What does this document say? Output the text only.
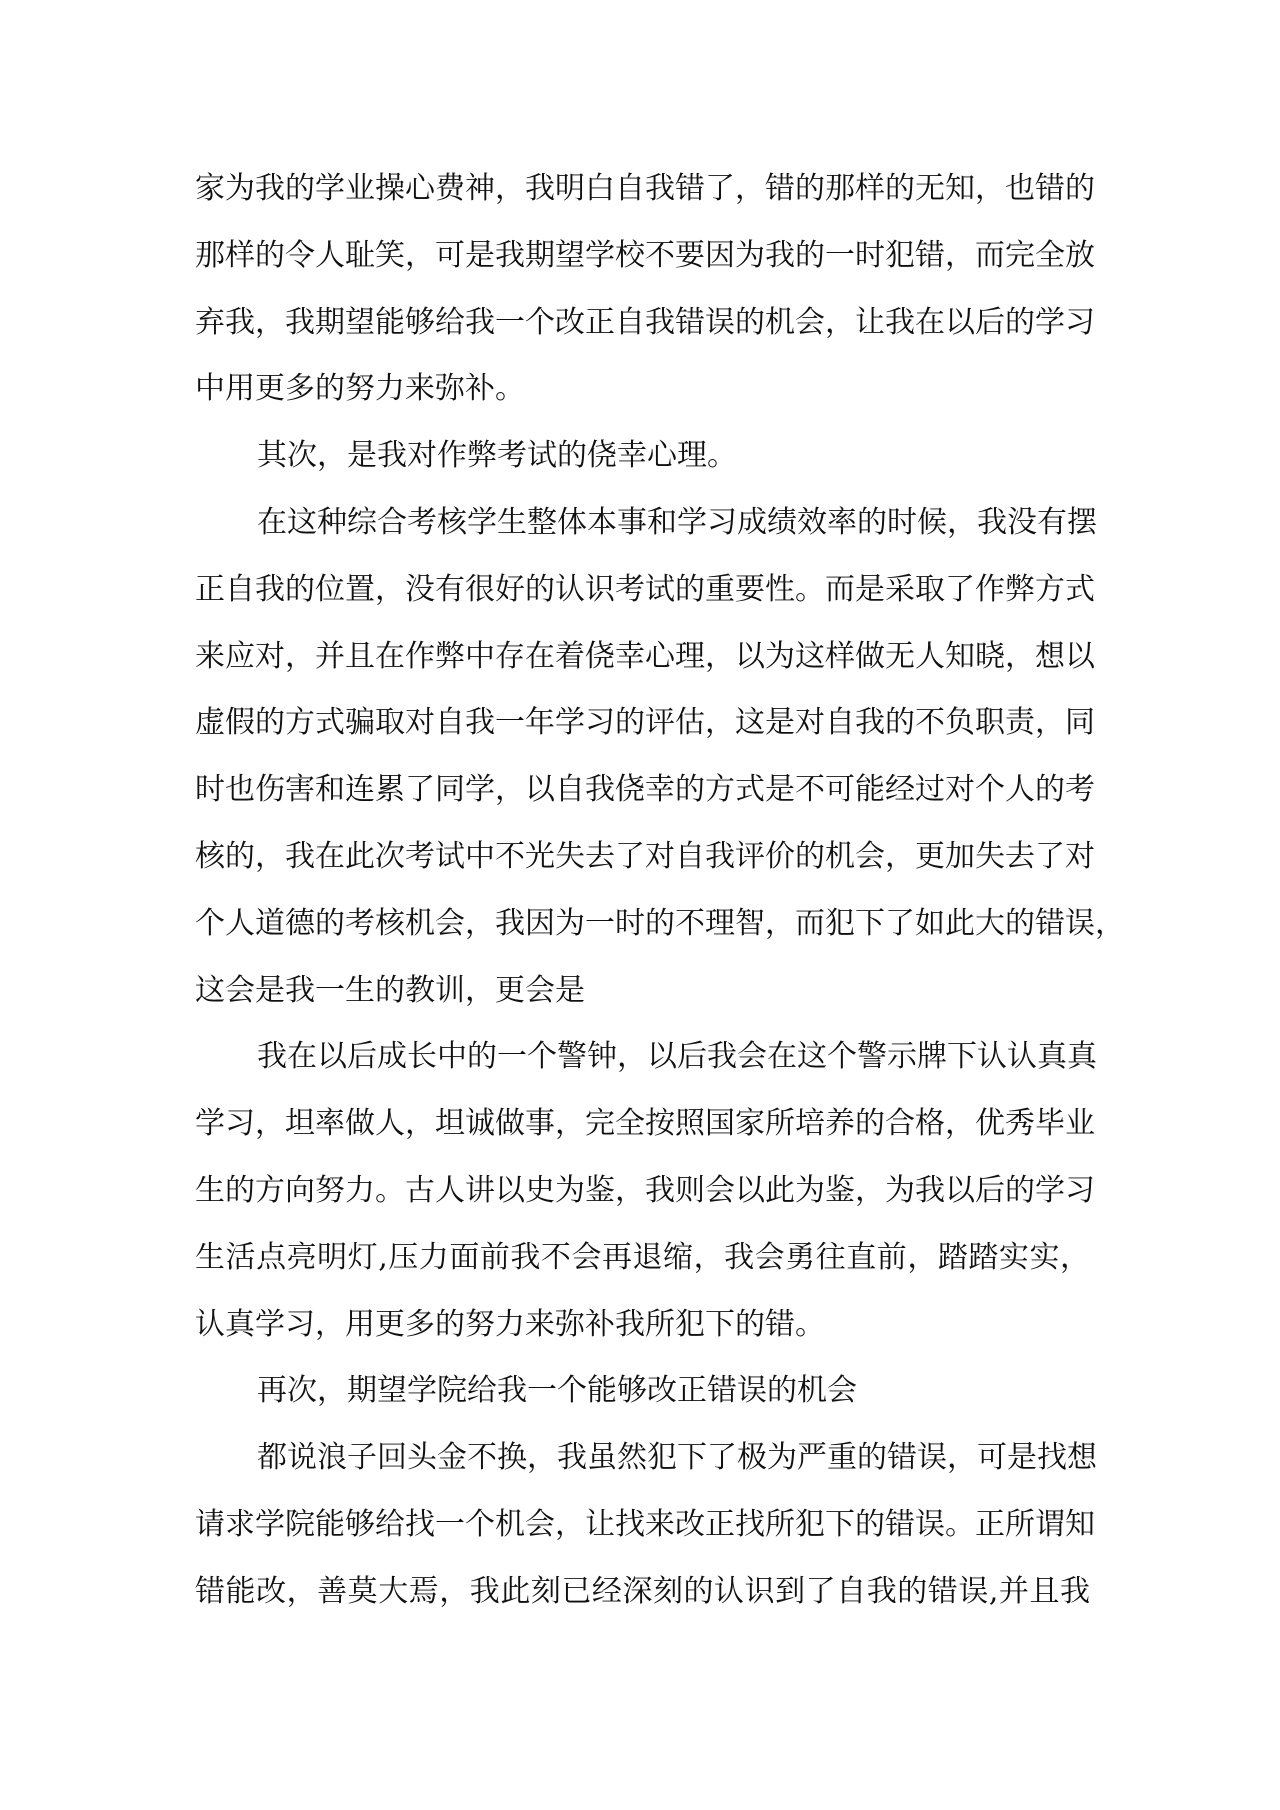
家为我的学业操心费神，我明白自我错了，错的那样的无知，也错的
那样的令人耻笑，可是我期望学校不要因为我的一时犯错，而完全放
弃我，我期望能够给我一个改正自我错误的机会，让我在以后的学习
中用更多的努力来弥补。
其次，是我对作弊考试的侥幸心理。
在这种综合考核学生整体本事和学习成绩效率的时候，我没有摆
正自我的位置，没有很好的认识考试的重要性。而是采取了作弊方式
来应对，并且在作弊中存在着侥幸心理，以为这样做无人知晓，想以
虚假的方式骗取对自我一年学习的评估，这是对自我的不负职责，同
时也伤害和连累了同学，以自我侥幸的方式是不可能经过对个人的考
核的，我在此次考试中不光失去了对自我评价的机会，更加失去了对
个人道德的考核机会，我因为一时的不理智，而犯下了如此大的错误，
这会是我一生的教训，更会是
我在以后成长中的一个警钟，以后我会在这个警示牌下认认真真
学习，坦率做人，坦诚做事，完全按照国家所培养的合格，优秀毕业
生的方向努力。古人讲以史为鉴，我则会以此为鉴，为我以后的学习
生活点亮明灯,压力面前我不会再退缩，我会勇往直前，踏踏实实，
认真学习，用更多的努力来弥补我所犯下的错。
再次，期望学院给我一个能够改正错误的机会
都说浪子回头金不换，我虽然犯下了极为严重的错误，可是找想
请求学院能够给找一个机会，让找来改正找所犯下的错误。正所谓知
错能改，善莫大焉，我此刻已经深刻的认识到了自我的错误,并且我
